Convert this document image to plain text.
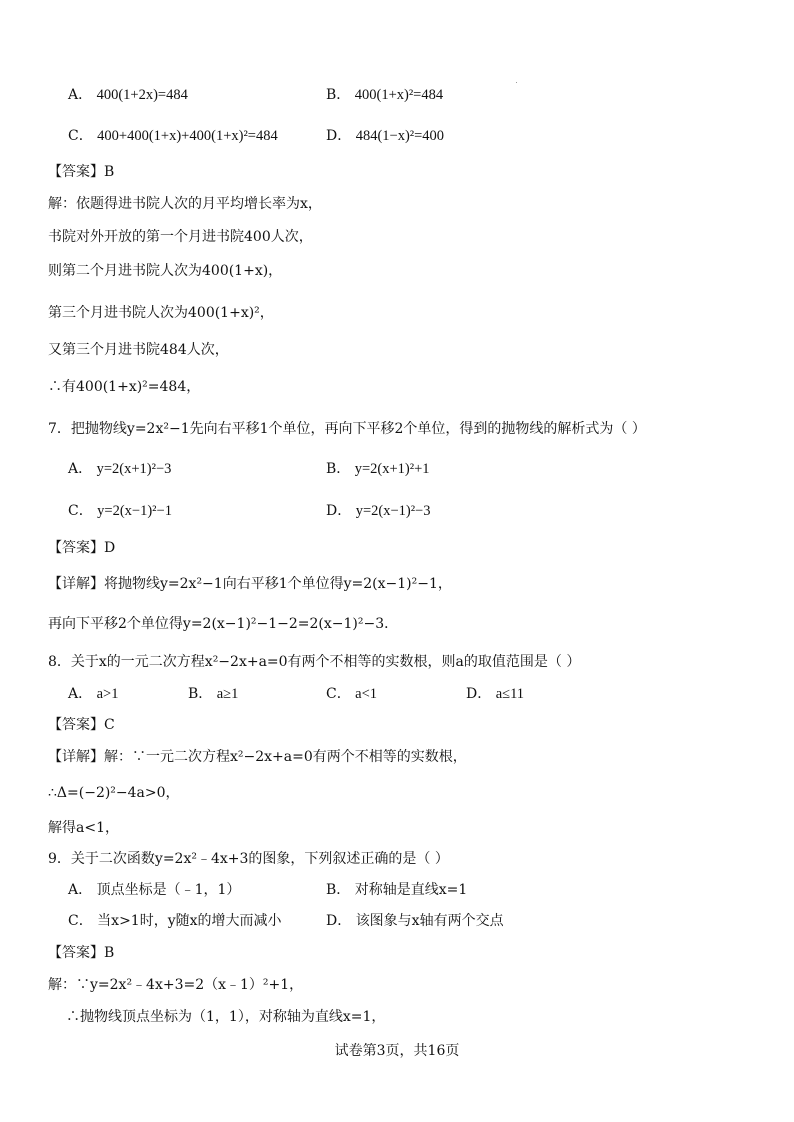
A． 400(1+2x)=484	B． 400(1+x)²=484
C． 400+400(1+x)+400(1+x)²=484	D． 484(1−x)²=400
【答案】B
解：依题得进书院人次的月平均增长率为x，
书院对外开放的第一个月进书院400人次，
则第二个月进书院人次为400(1+x)，
第三个月进书院人次为400(1+x)²，
又第三个月进书院484人次，
∴有400(1+x)²=484，
7．把抛物线y=2x²−1先向右平移1个单位，再向下平移2个单位，得到的抛物线的解析式为（ ）
A． y=2(x+1)²−3	B． y=2(x+1)²+1
C． y=2(x−1)²−1	D． y=2(x−1)²−3
【答案】D
【详解】将抛物线y=2x²−1向右平移1个单位得y=2(x−1)²−1，
再向下平移2个单位得y=2(x−1)²−1−2=2(x−1)²−3．
8．关于x的一元二次方程x²−2x+a=0有两个不相等的实数根，则a的取值范围是（ ）
A． a>1	B． a≥1	C． a<1	D． a≤11
【答案】C
【详解】解：∵一元二次方程x²−2x+a=0有两个不相等的实数根，
∴Δ=(−2)²−4a>0，
解得a<1，
9．关于二次函数y=2x²﹣4x+3的图象，下列叙述正确的是（ ）
A． 顶点坐标是（﹣1，1）	B． 对称轴是直线x=1
C． 当x>1时，y随x的增大而减小	D． 该图象与x轴有两个交点
【答案】B
解：∵y=2x²﹣4x+3=2（x﹣1）²+1，
∴抛物线顶点坐标为（1，1），对称轴为直线x=1，
试卷第3页，共16页
